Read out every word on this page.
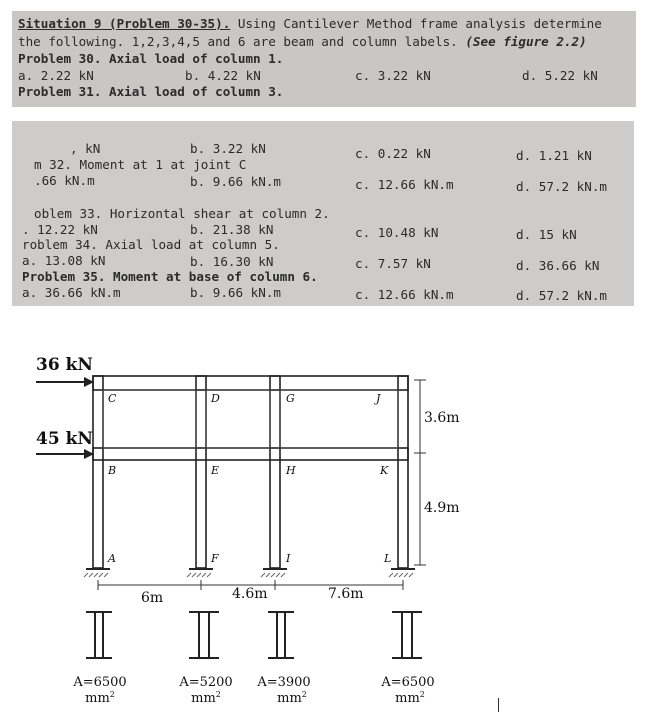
Situation 9 (Problem 30-35). Using Cantilever Method frame analysis determine
the following. 1,2,3,4,5 and 6 are beam and column labels. (See figure 2.2)
Problem 30. Axial load of column 1.
a. 2.22 kN	b. 4.22 kN	c. 3.22 kN	d. 5.22 kN
Problem 31. Axial load of column 3.
, kN	b. 3.22 kN	c. 0.22 kN	d. 1.21 kN
m 32. Moment at 1 at joint C
.66 kN.m	b. 9.66 kN.m	c. 12.66 kN.m	d. 57.2 kN.m
oblem 33. Horizontal shear at column 2.
. 12.22 kN	b. 21.38 kN	c. 10.48 kN	d. 15 kN
roblem 34. Axial load at column 5.
a. 13.08 kN	b. 16.30 kN	c. 7.57 kN	d. 36.66 kN
Problem 35. Moment at base of column 6.
a. 36.66 kN.m	b. 9.66 kN.m	c. 12.66 kN.m	d. 57.2 kN.m
36 kN
45 kN
C	D	G	J
B	E	H	K
A	F	I	L
3.6m
4.9m
6m	4.6m	7.6m
A=6500
$mm^2$
A=5200
$mm^2$
A=3900
$mm^2$
A=6500
$mm^2$
